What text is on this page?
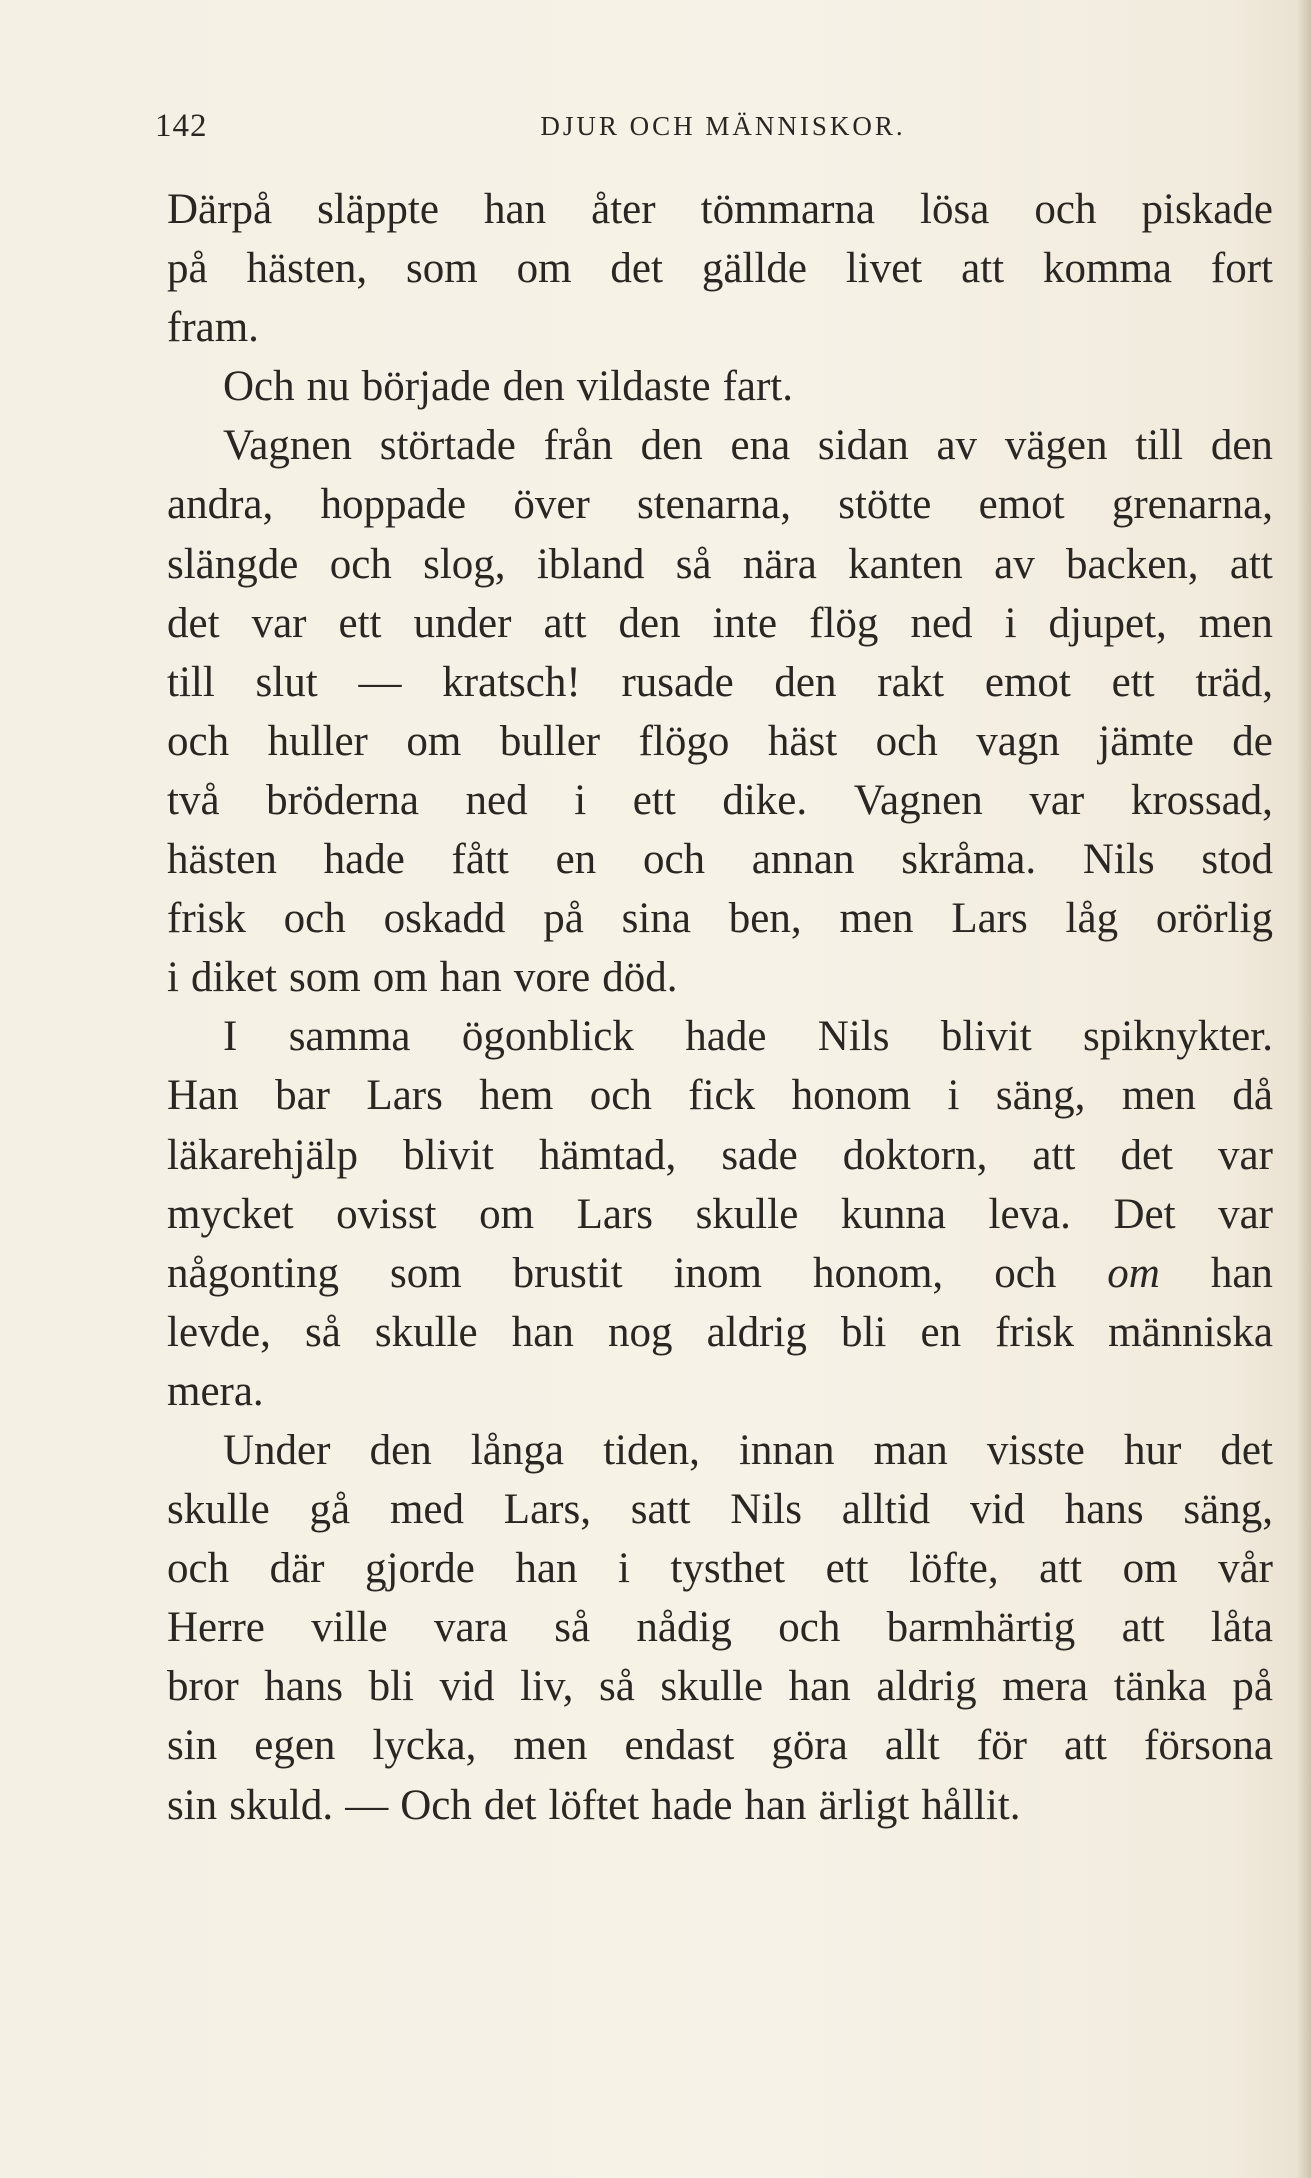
142	DJUR OCH MÄNNISKOR.
Därpå släppte han åter tömmarna lösa och piskade
på hästen, som om det gällde livet att komma fort
fram.
Och nu började den vildaste fart.
Vagnen störtade från den ena sidan av vägen till den
andra, hoppade över stenarna, stötte emot grenarna,
slängde och slog, ibland så nära kanten av backen, att
det var ett under att den inte flög ned i djupet, men
till slut — kratsch! rusade den rakt emot ett träd,
och huller om buller flögo häst och vagn jämte de
två bröderna ned i ett dike. Vagnen var krossad,
hästen hade fått en och annan skråma. Nils stod
frisk och oskadd på sina ben, men Lars låg orörlig
i diket som om han vore död.
I samma ögonblick hade Nils blivit spiknykter.
Han bar Lars hem och fick honom i säng, men då
läkarehjälp blivit hämtad, sade doktorn, att det var
mycket ovisst om Lars skulle kunna leva. Det var
någonting som brustit inom honom, och om han
levde, så skulle han nog aldrig bli en frisk människa
mera.
Under den långa tiden, innan man visste hur det
skulle gå med Lars, satt Nils alltid vid hans säng,
och där gjorde han i tysthet ett löfte, att om vår
Herre ville vara så nådig och barmhärtig att låta
bror hans bli vid liv, så skulle han aldrig mera tänka på
sin egen lycka, men endast göra allt för att försona
sin skuld. — Och det löftet hade han ärligt hållit.
